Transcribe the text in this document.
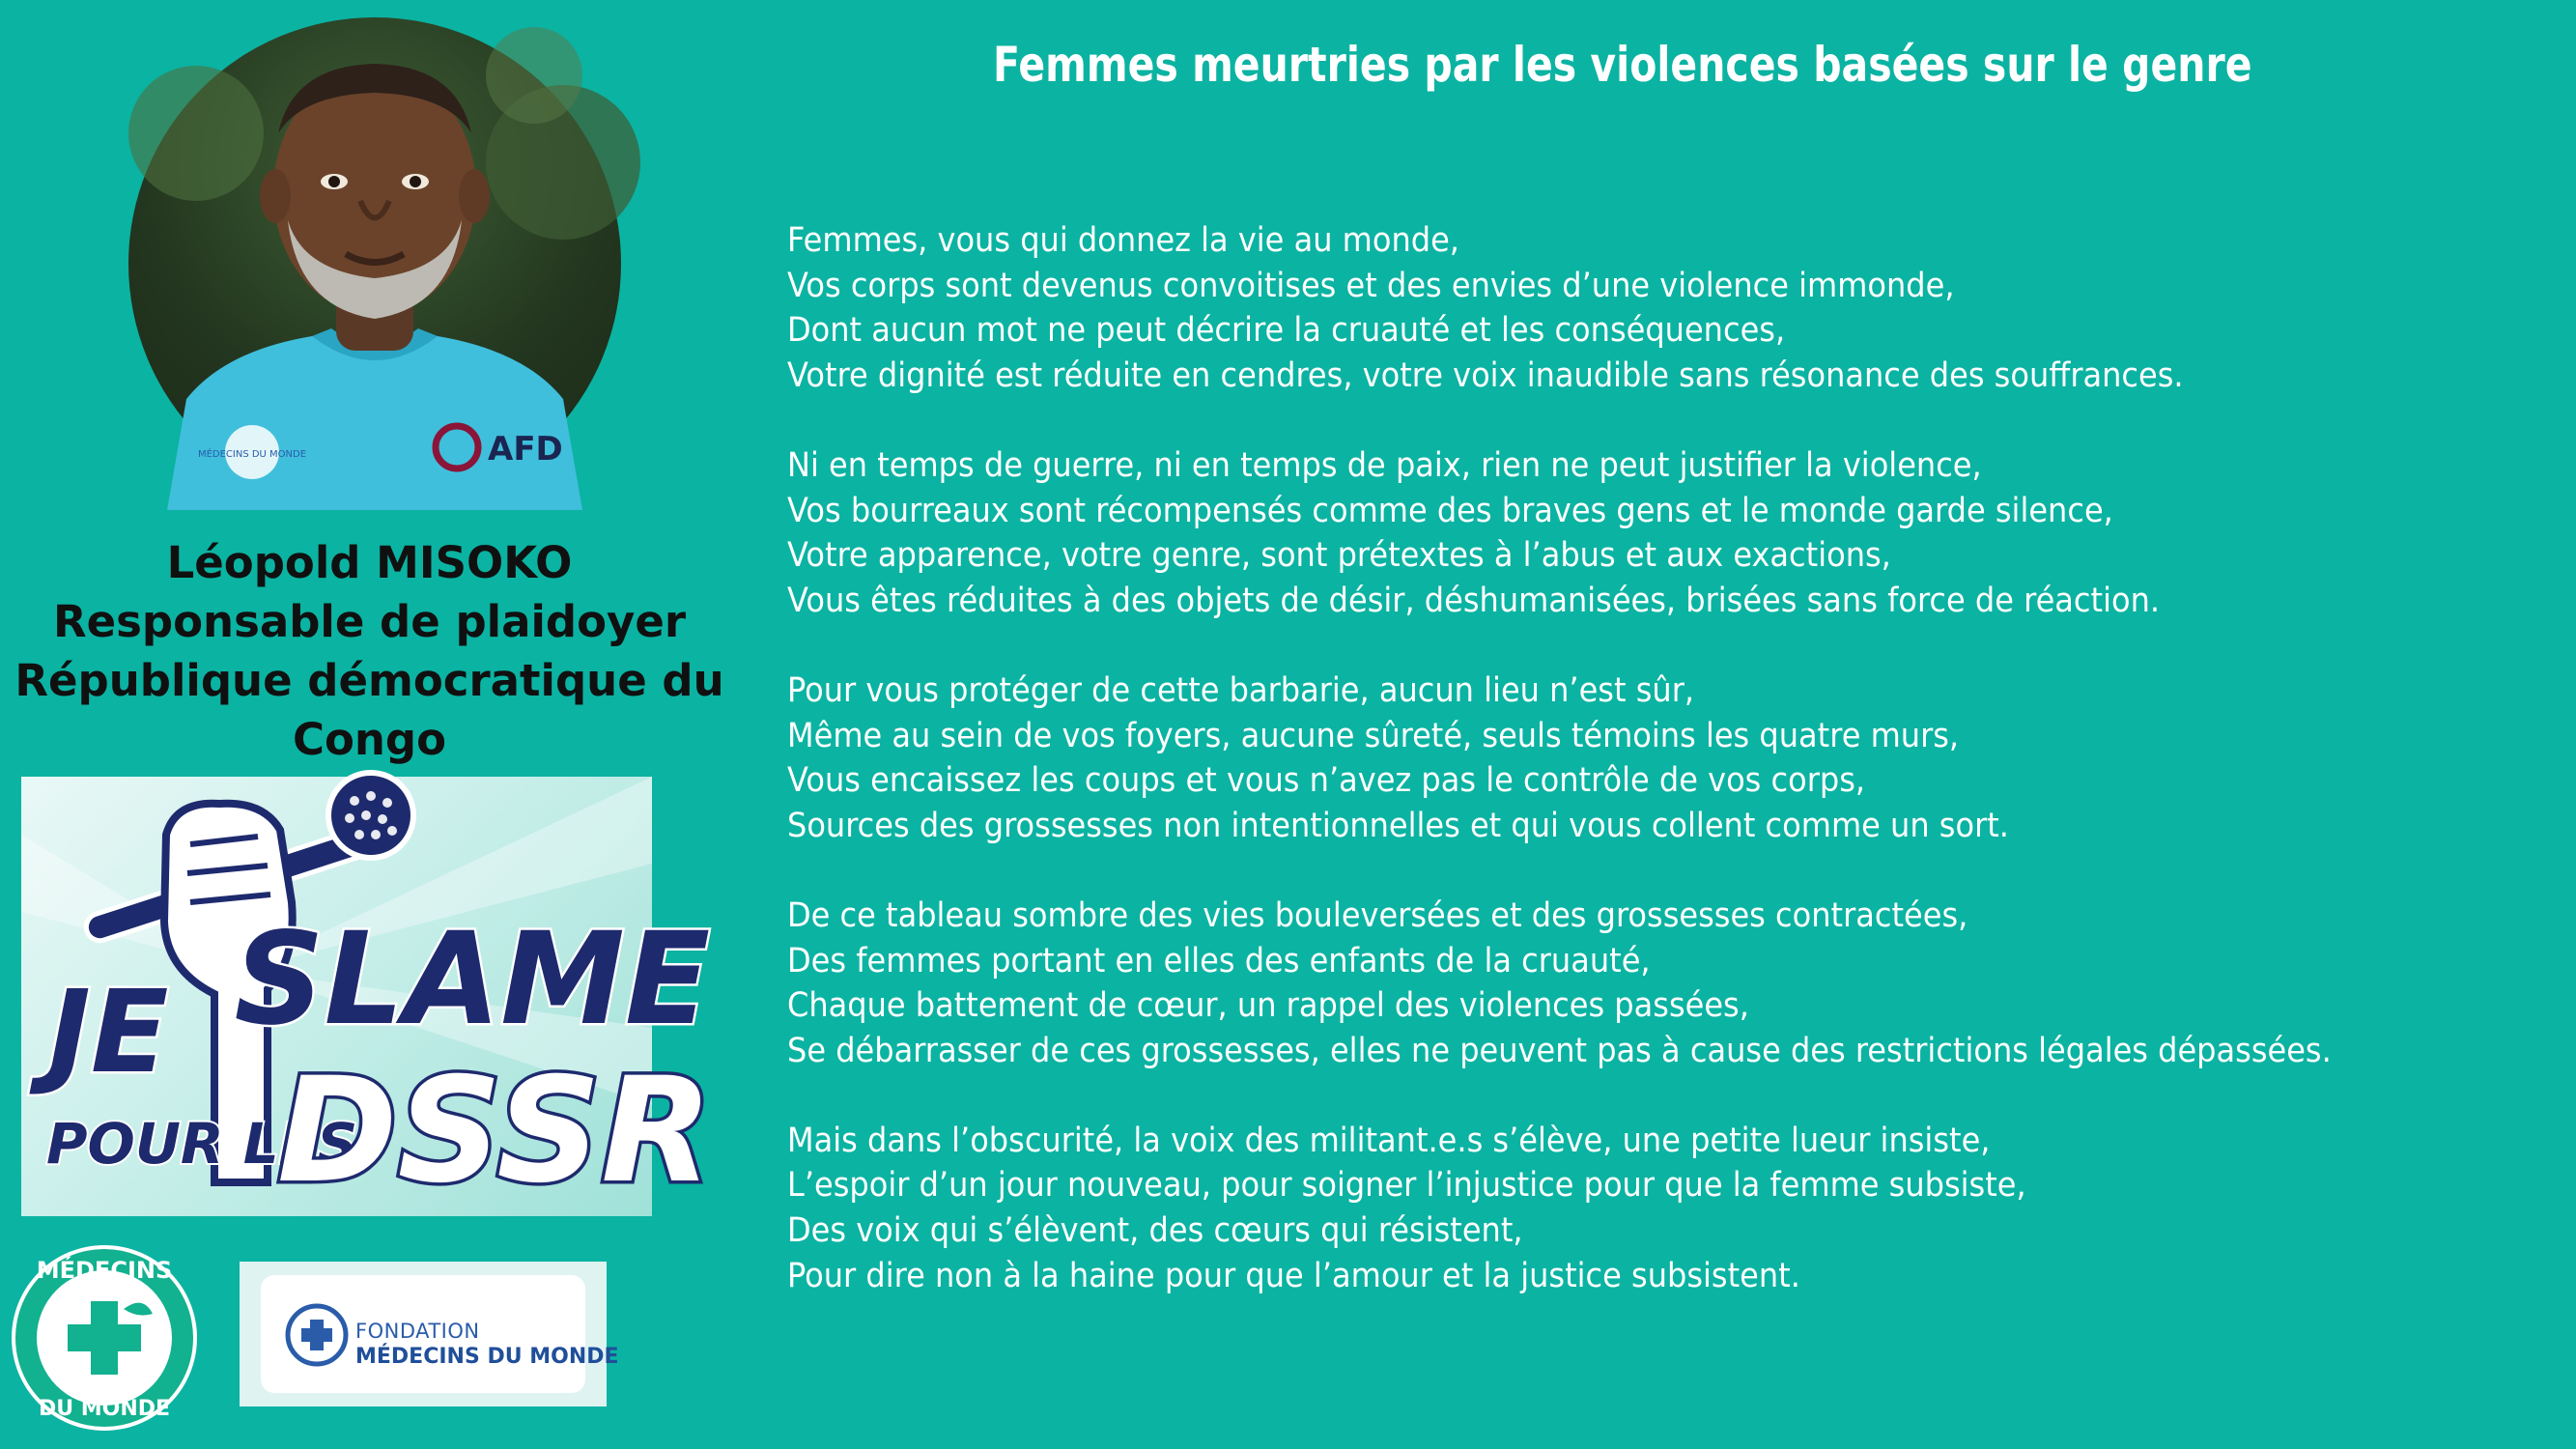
MÉDECINS DU MONDE	AFD
Léopold MISOKO
Responsable de plaidoyer
République démocratique du
Congo
JE SLAME
POUR LES
DSSR
MÉDECINS
DU MONDE
FONDATION
MÉDECINS DU MONDE
Femmes meurtries par les violences basées sur le genre
Femmes, vous qui donnez la vie au monde,
Vos corps sont devenus convoitises et des envies d’une violence immonde,
Dont aucun mot ne peut décrire la cruauté et les conséquences,
Votre dignité est réduite en cendres, votre voix inaudible sans résonance des souffrances.
Ni en temps de guerre, ni en temps de paix, rien ne peut justifier la violence,
Vos bourreaux sont récompensés comme des braves gens et le monde garde silence,
Votre apparence, votre genre, sont prétextes à l’abus et aux exactions,
Vous êtes réduites à des objets de désir, déshumanisées, brisées sans force de réaction.
Pour vous protéger de cette barbarie, aucun lieu n’est sûr,
Même au sein de vos foyers, aucune sûreté, seuls témoins les quatre murs,
Vous encaissez les coups et vous n’avez pas le contrôle de vos corps,
Sources des grossesses non intentionnelles et qui vous collent comme un sort.
De ce tableau sombre des vies bouleversées et des grossesses contractées,
Des femmes portant en elles des enfants de la cruauté,
Chaque battement de cœur, un rappel des violences passées,
Se débarrasser de ces grossesses, elles ne peuvent pas à cause des restrictions légales dépassées.
Mais dans l’obscurité, la voix des militant.e.s s’élève, une petite lueur insiste,
L’espoir d’un jour nouveau, pour soigner l’injustice pour que la femme subsiste,
Des voix qui s’élèvent, des cœurs qui résistent,
Pour dire non à la haine pour que l’amour et la justice subsistent.
